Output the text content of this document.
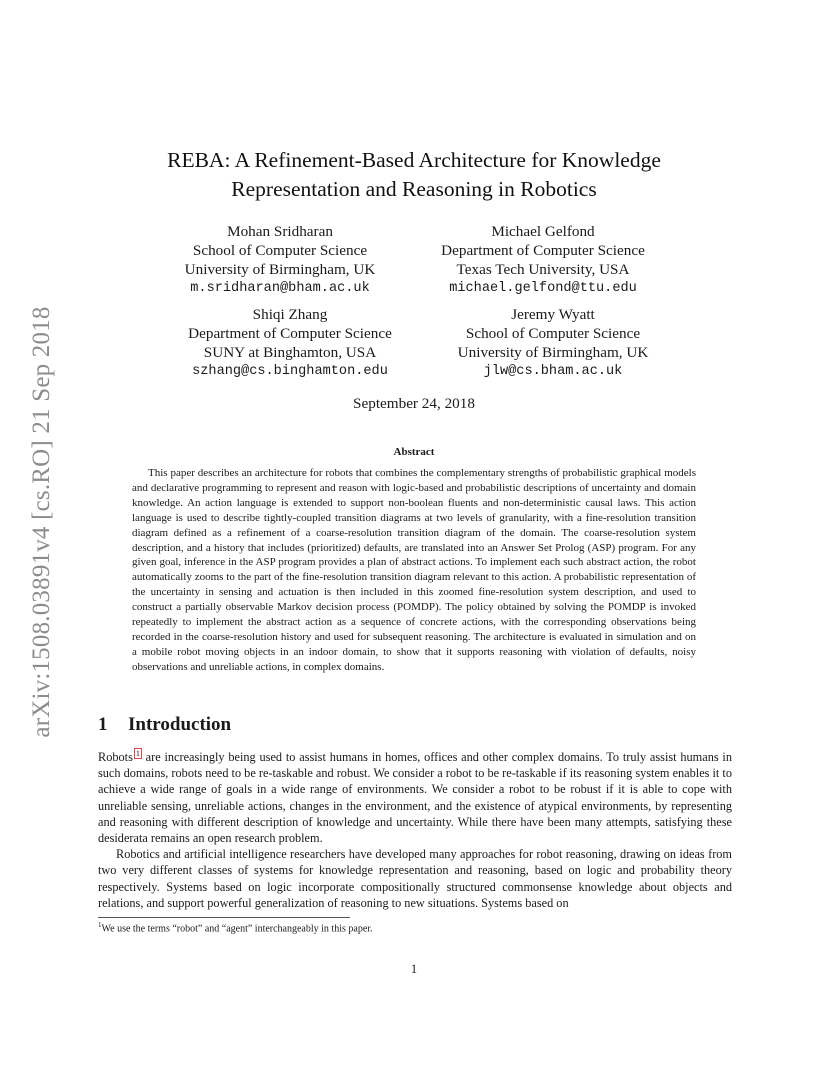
arXiv:1508.03891v4 [cs.RO] 21 Sep 2018
REBA: A Refinement-Based Architecture for Knowledge
Representation and Reasoning in Robotics
Mohan Sridharan
School of Computer Science
University of Birmingham, UK
m.sridharan@bham.ac.uk
Michael Gelfond
Department of Computer Science
Texas Tech University, USA
michael.gelfond@ttu.edu
Shiqi Zhang
Department of Computer Science
SUNY at Binghamton, USA
szhang@cs.binghamton.edu
Jeremy Wyatt
School of Computer Science
University of Birmingham, UK
jlw@cs.bham.ac.uk
September 24, 2018
Abstract
This paper describes an architecture for robots that combines the complementary strengths of probabilistic graphical models and declarative programming to represent and reason with logic-based and probabilistic descriptions of uncertainty and domain knowledge. An action language is extended to support non-boolean fluents and non-deterministic causal laws. This action language is used to describe tightly-coupled transition diagrams at two levels of granularity, with a fine-resolution transition diagram defined as a refinement of a coarse-resolution transition diagram of the domain. The coarse-resolution system description, and a history that includes (prioritized) defaults, are translated into an Answer Set Prolog (ASP) program. For any given goal, inference in the ASP program provides a plan of abstract actions. To implement each such abstract action, the robot automatically zooms to the part of the fine-resolution transition diagram relevant to this action. A probabilistic representation of the uncertainty in sensing and actuation is then included in this zoomed fine-resolution system description, and used to construct a partially observable Markov decision process (POMDP). The policy obtained by solving the POMDP is invoked repeatedly to implement the abstract action as a sequence of concrete actions, with the corresponding observations being recorded in the coarse-resolution history and used for subsequent reasoning. The architecture is evaluated in simulation and on a mobile robot moving objects in an indoor domain, to show that it supports reasoning with violation of defaults, noisy observations and unreliable actions, in complex domains.
1 Introduction

Robots $^1$ are increasingly being used to assist humans in homes, offices and other complex domains. To truly assist humans in such domains, robots need to be re-taskable and robust. We consider a robot to be re-taskable if its reasoning system enables it to achieve a wide range of goals in a wide range of environments. We consider a robot to be robust if it is able to cope with unreliable sensing, unreliable actions, changes in the environment, and the existence of atypical environments, by representing and reasoning with different description of knowledge and uncertainty. While there have been many attempts, satisfying these desiderata remains an open research problem.

Robotics and artificial intelligence researchers have developed many approaches for robot reasoning, drawing on ideas from two very different classes of systems for knowledge representation and reasoning, based on logic and probability theory respectively. Systems based on logic incorporate compositionally structured commonsense knowledge about objects and relations, and support powerful generalization of reasoning to new situations. Systems based on

$^1$We use the terms “robot” and “agent” interchangeably in this paper.
1
